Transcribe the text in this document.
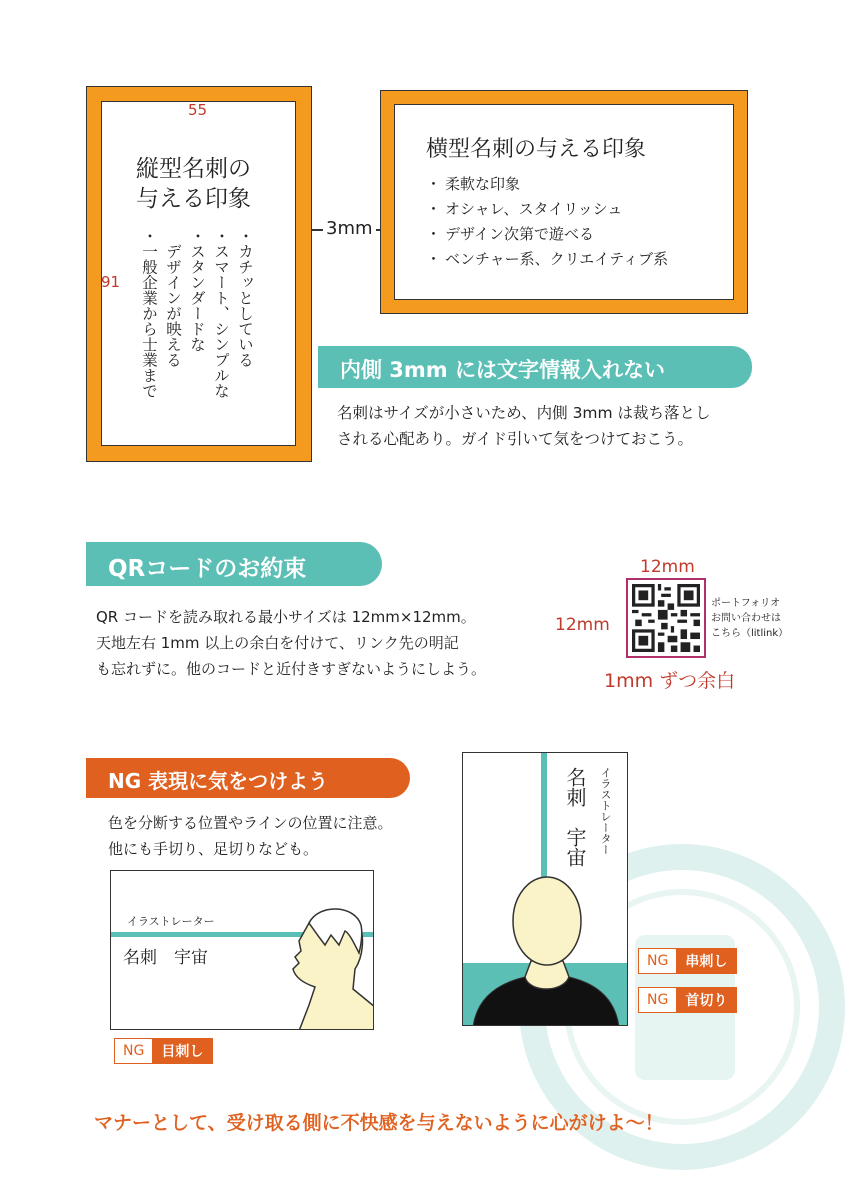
55
91
縦型名刺の
与える印象
・カチッとしている
・スマート、シンプルな
・スタンダードな
　デザインが映える
・一般企業から士業まで
3mm
横型名刺の与える印象
・ 柔軟な印象
・ オシャレ、スタイリッシュ
・ デザイン次第で遊べる
・ ベンチャー系、クリエイティブ系
内側 3mm には文字情報入れない
名刺はサイズが小さいため、内側 3mm は裁ち落とし
される心配あり。ガイド引いて気をつけておこう。
QRコードのお約束
QR コードを読み取れる最小サイズは 12mm×12mm。
天地左右 1mm 以上の余白を付けて、リンク先の明記
も忘れずに。他のコードと近付きすぎないようにしよう。
12mm
12mm
ポートフォリオ
お問い合わせは
こちら（litlink）
1mm ずつ余白
NG 表現に気をつけよう
色を分断する位置やラインの位置に注意。
他にも手切り、足切りなども。
イラストレーター
名刺　宇宙
NG	目刺し
名刺　宇宙 イラストレーター
NG	串刺し
NG	首切り
マナーとして、受け取る側に不快感を与えないように心がけよ〜！
